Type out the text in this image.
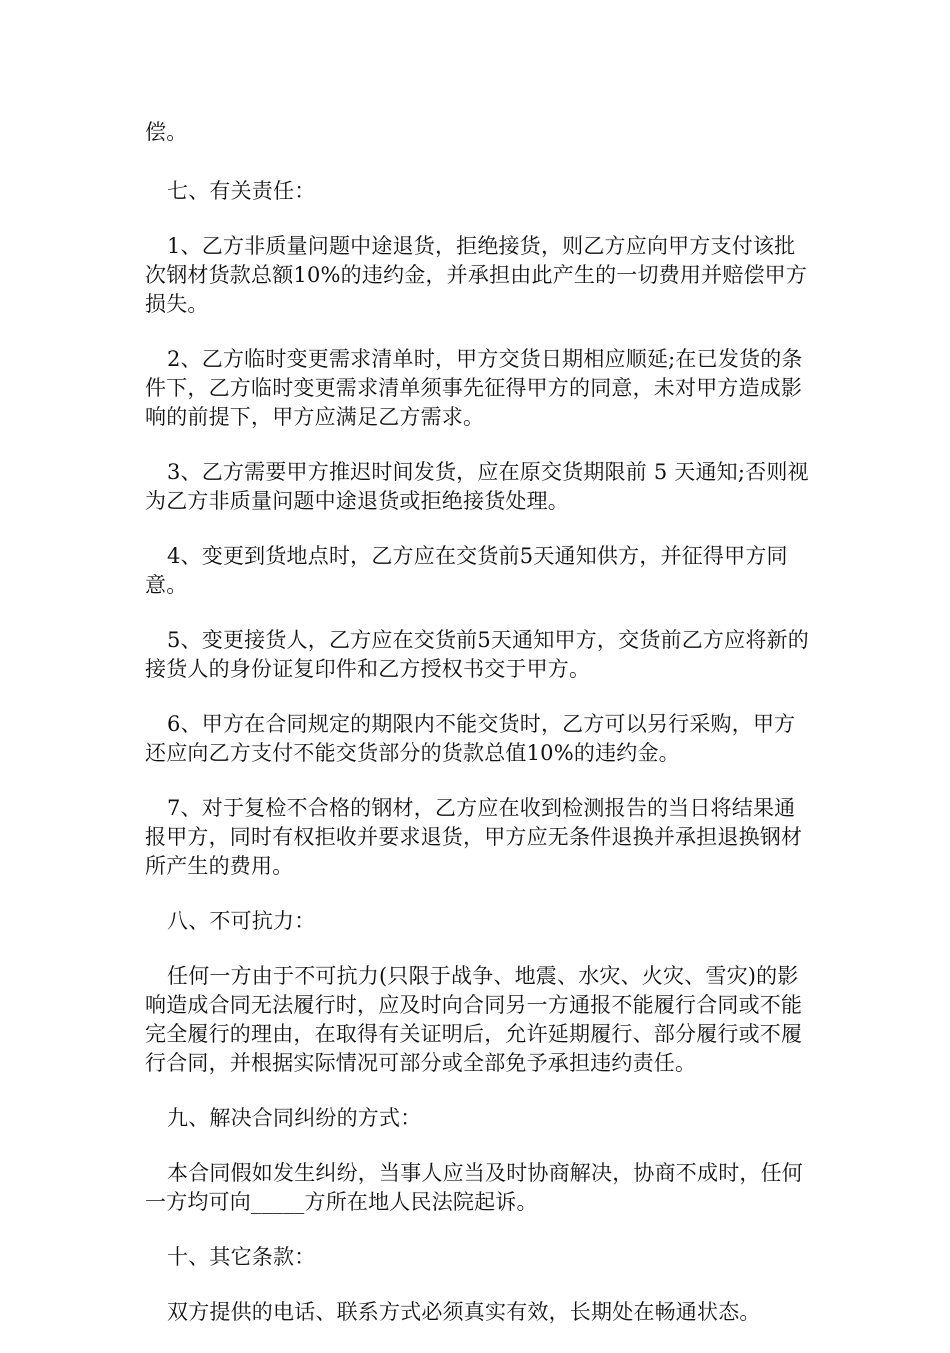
偿。

七、有关责任：

1、乙方非质量问题中途退货，拒绝接货，则乙方应向甲方支付该批次钢材货款总额10%的违约金，并承担由此产生的一切费用并赔偿甲方损失。

2、乙方临时变更需求清单时，甲方交货日期相应顺延;在已发货的条件下，乙方临时变更需求清单须事先征得甲方的同意，未对甲方造成影响的前提下，甲方应满足乙方需求。

3、乙方需要甲方推迟时间发货，应在原交货期限前 5 天通知;否则视为乙方非质量问题中途退货或拒绝接货处理。

4、变更到货地点时，乙方应在交货前5天通知供方，并征得甲方同意。

5、变更接货人，乙方应在交货前5天通知甲方，交货前乙方应将新的接货人的身份证复印件和乙方授权书交于甲方。

6、甲方在合同规定的期限内不能交货时，乙方可以另行采购，甲方还应向乙方支付不能交货部分的货款总值10%的违约金。

7、对于复检不合格的钢材，乙方应在收到检测报告的当日将结果通报甲方，同时有权拒收并要求退货，甲方应无条件退换并承担退换钢材所产生的费用。

八、不可抗力：

任何一方由于不可抗力(只限于战争、地震、水灾、火灾、雪灾)的影响造成合同无法履行时，应及时向合同另一方通报不能履行合同或不能完全履行的理由，在取得有关证明后，允许延期履行、部分履行或不履行合同，并根据实际情况可部分或全部免予承担违约责任。

九、解决合同纠纷的方式：

本合同假如发生纠纷，当事人应当及时协商解决，协商不成时，任何一方均可向_____方所在地人民法院起诉。

十、其它条款：

双方提供的电话、联系方式必须真实有效，长期处在畅通状态。
